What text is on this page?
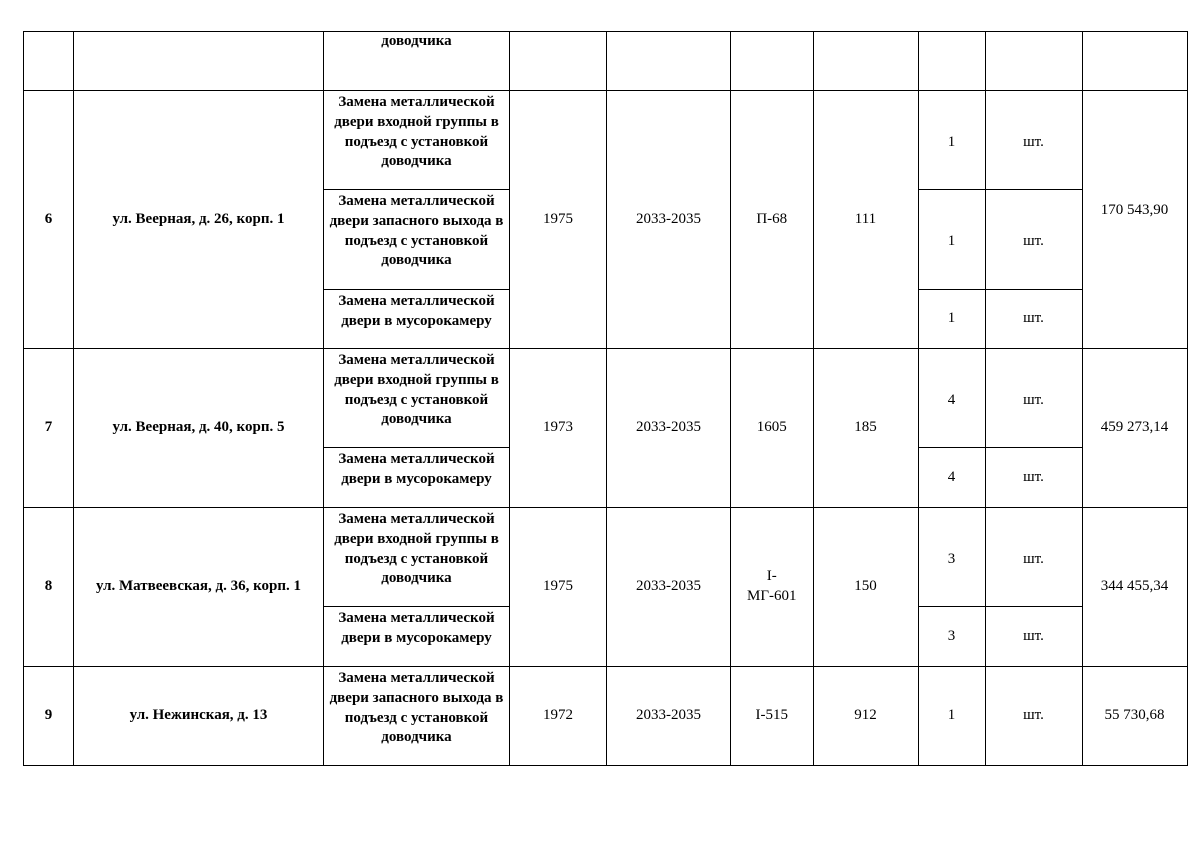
		доводчика							
6	ул. Веерная, д. 26, корп. 1	Замена металлической двери входной группы в подъезд с установкой доводчика	1975	2033-2035	П-68	111	1	шт.	170 543,90
		Замена металлической двери запасного выхода в подъезд с установкой доводчика					1	шт.	
		Замена металлической двери в мусорокамеру					1	шт.	
7	ул. Веерная, д. 40, корп. 5	Замена металлической двери входной группы в подъезд с установкой доводчика	1973	2033-2035	1605	185	4	шт.	459 273,14
		Замена металлической двери в мусорокамеру					4	шт.	
8	ул. Матвеевская, д. 36, корп. 1	Замена металлической двери входной группы в подъезд с установкой доводчика	1975	2033-2035	I-МГ-601	150	3	шт.	344 455,34
		Замена металлической двери в мусорокамеру					3	шт.	
9	ул. Нежинская, д. 13	Замена металлической двери запасного выхода в подъезд с установкой доводчика	1972	2033-2035	I-515	912	1	шт.	55 730,68
